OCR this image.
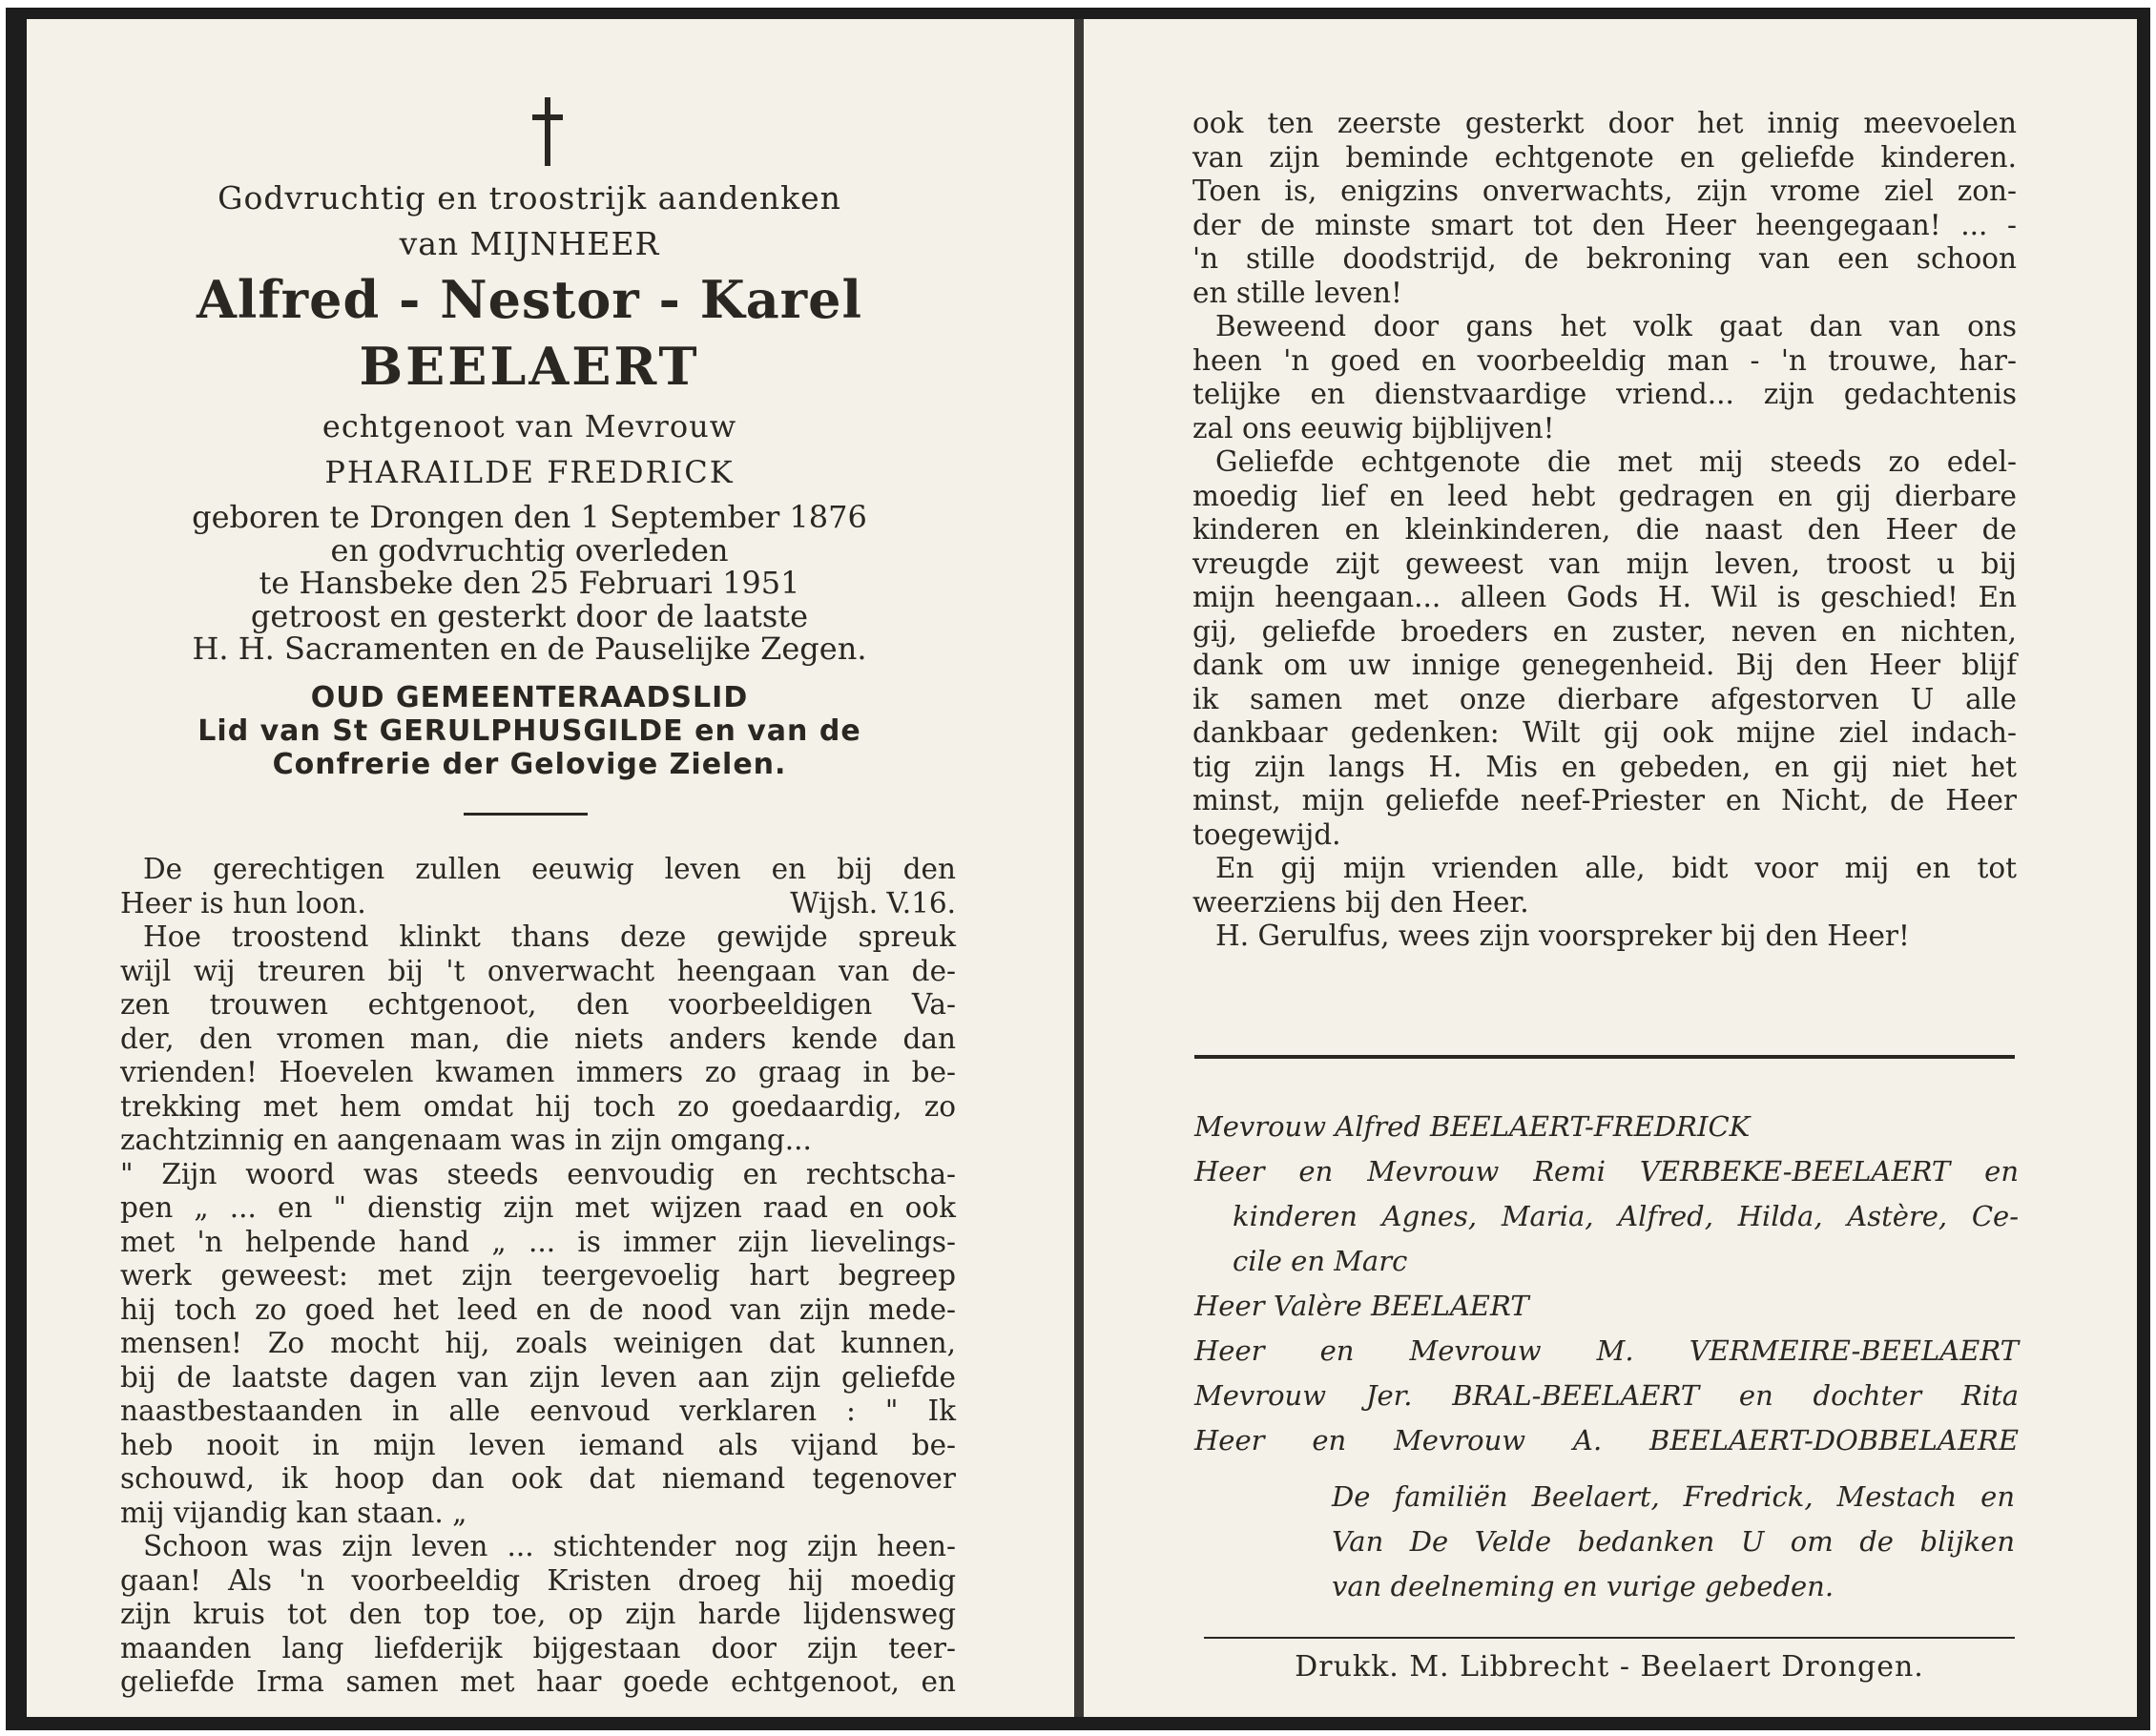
Godvruchtig en troostrijk aandenken
van MIJNHEER
Alfred - Nestor - Karel
BEELAERT
echtgenoot van Mevrouw
PHARAILDE FREDRICK
geboren te Drongen den 1 September 1876
en godvruchtig overleden
te Hansbeke den 25 Februari 1951
getroost en gesterkt door de laatste
H. H. Sacramenten en de Pauselijke Zegen.
OUD GEMEENTERAADSLID
Lid van St GERULPHUSGILDE en van de
Confrerie der Gelovige Zielen.
De gerechtigen zullen eeuwig leven en bij den
Heer is hun loon.	Wijsh. V.16.
Hoe troostend klinkt thans deze gewijde spreuk
wijl wij treuren bij 't onverwacht heengaan van de-
zen trouwen echtgenoot, den voorbeeldigen Va-
der, den vromen man, die niets anders kende dan
vrienden! Hoevelen kwamen immers zo graag in be-
trekking met hem omdat hij toch zo goedaardig, zo
zachtzinnig en aangenaam was in zijn omgang...
" Zijn woord was steeds eenvoudig en rechtscha-
pen „ ... en " dienstig zijn met wijzen raad en ook
met 'n helpende hand „ ... is immer zijn lievelings-
werk geweest: met zijn teergevoelig hart begreep
hij toch zo goed het leed en de nood van zijn mede-
mensen! Zo mocht hij, zoals weinigen dat kunnen,
bij de laatste dagen van zijn leven aan zijn geliefde
naastbestaanden in alle eenvoud verklaren : " Ik
heb nooit in mijn leven iemand als vijand be-
schouwd, ik hoop dan ook dat niemand tegenover
mij vijandig kan staan. „
Schoon was zijn leven ... stichtender nog zijn heen-
gaan! Als 'n voorbeeldig Kristen droeg hij moedig
zijn kruis tot den top toe, op zijn harde lijdensweg
maanden lang liefderijk bijgestaan door zijn teer-
geliefde Irma samen met haar goede echtgenoot, en
ook ten zeerste gesterkt door het innig meevoelen
van zijn beminde echtgenote en geliefde kinderen.
Toen is, enigzins onverwachts, zijn vrome ziel zon-
der de minste smart tot den Heer heengegaan! ... -
'n stille doodstrijd, de bekroning van een schoon
en stille leven!
Beweend door gans het volk gaat dan van ons
heen 'n goed en voorbeeldig man - 'n trouwe, har-
telijke en dienstvaardige vriend... zijn gedachtenis
zal ons eeuwig bijblijven!
Geliefde echtgenote die met mij steeds zo edel-
moedig lief en leed hebt gedragen en gij dierbare
kinderen en kleinkinderen, die naast den Heer de
vreugde zijt geweest van mijn leven, troost u bij
mijn heengaan... alleen Gods H. Wil is geschied! En
gij, geliefde broeders en zuster, neven en nichten,
dank om uw innige genegenheid. Bij den Heer blijf
ik samen met onze dierbare afgestorven U alle
dankbaar gedenken: Wilt gij ook mijne ziel indach-
tig zijn langs H. Mis en gebeden, en gij niet het
minst, mijn geliefde neef-Priester en Nicht, de Heer
toegewijd.
En gij mijn vrienden alle, bidt voor mij en tot
weerziens bij den Heer.
H. Gerulfus, wees zijn voorspreker bij den Heer!
Mevrouw Alfred BEELAERT-FREDRICK
Heer en Mevrouw Remi VERBEKE-BEELAERT en
kinderen Agnes, Maria, Alfred, Hilda, Astère, Ce-
cile en Marc
Heer Valère BEELAERT
Heer en Mevrouw M. VERMEIRE-BEELAERT
Mevrouw Jer. BRAL-BEELAERT en dochter Rita
Heer en Mevrouw A. BEELAERT-DOBBELAERE
De familiën Beelaert, Fredrick, Mestach en
Van De Velde bedanken U om de blijken
van deelneming en vurige gebeden.
Drukk. M. Libbrecht - Beelaert Drongen.
